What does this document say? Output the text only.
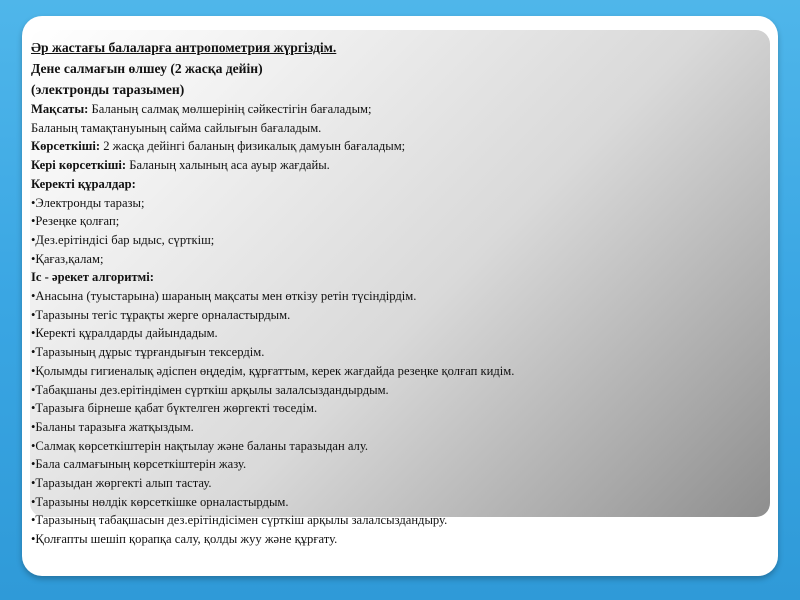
Әр жастағы балаларға антропометрия жүргіздім.
Дене салмағын өлшеу (2 жасқа дейін)
(электронды таразымен)
Мақсаты: Баланың салмақ мөлшерінің сәйкестігін бағаладым;
Баланың тамақтануының сайма сайлығын бағаладым.
Көрсеткіші: 2 жасқа дейінгі баланың физикалық дамуын бағаладым;
Кері көрсеткіші: Баланың халының аса ауыр жағдайы.
Керекті құралдар:
• Электронды таразы;
• Резеңке қолғап;
• Дез.ерітіндісі бар ыдыс, сүрткіш;
• Қағаз,қалам;
Іс - әрекет алгоритмі:
• Анасына (туыстарына) шараның мақсаты мен өткізу ретін түсіндірдім.
• Таразыны тегіс тұрақты жерге орналастырдым.
• Керекті құралдарды дайындадым.
• Таразының дұрыс тұрғандығын тексердім.
• Қолымды гигиеналық әдіспен өңдедім, құрғаттым, керек жағдайда резеңке қолғап кидім.
• Табақшаны дез.ерітіндімен сүрткіш арқылы залалсыздандырдым.
• Таразыға бірнеше қабат бүктелген жөргекті төседім.
• Баланы таразыға жатқыздым.
• Салмақ көрсеткіштерін нақтылау және баланы таразыдан алу.
• Бала салмағының көрсеткіштерін жазу.
• Таразыдан жөргекті алып тастау.
• Таразыны нөлдік көрсеткішке орналастырдым.
• Таразының табақшасын дез.ерітіндісімен сүрткіш арқылы залалсыздандыру.
• Қолғапты шешіп қорапқа салу, қолды жуу және құрғату.
